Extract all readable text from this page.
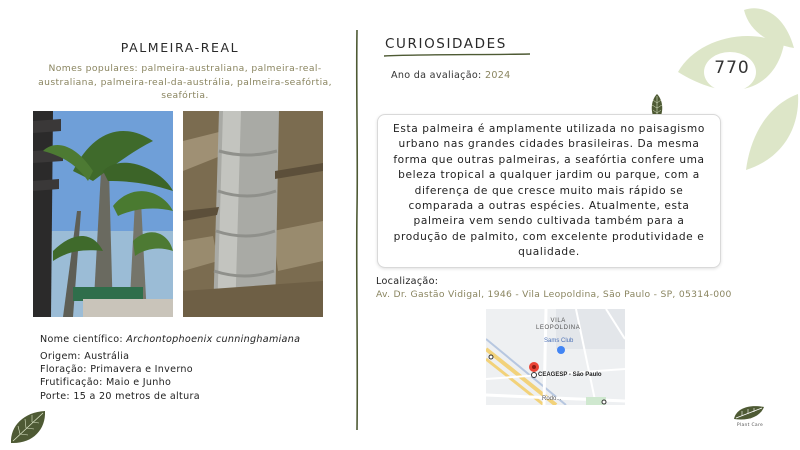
770
PALMEIRA-REAL
Nomes populares: palmeira-australiana, palmeira-real-australiana, palmeira-real-da-austrália, palmeira-seafórtia, seafórtia.
Nome científico: Archontophoenix cunninghamiana
Origem: Austrália
Floração: Primavera e Inverno
Frutificação: Maio e Junho
Porte: 15 a 20 metros de altura
CURIOSIDADES
Ano da avaliação: 2024
Esta palmeira é amplamente utilizada no paisagismo urbano nas grandes cidades brasileiras. Da mesma forma que outras palmeiras, a seafórtia confere uma beleza tropical a qualquer jardim ou parque, com a diferença de que cresce muito mais rápido se comparada a outras espécies. Atualmente, esta palmeira vem sendo cultivada também para a produção de palmito, com excelente produtividade e qualidade.
Localização:
Av. Dr. Gastão Vidigal, 1946 - Vila Leopoldina, São Paulo - SP, 05314-000
VILA
LEOPOLDINA
Sams Club
CEAGESP - São Paulo
Rodo...
Plant Care
